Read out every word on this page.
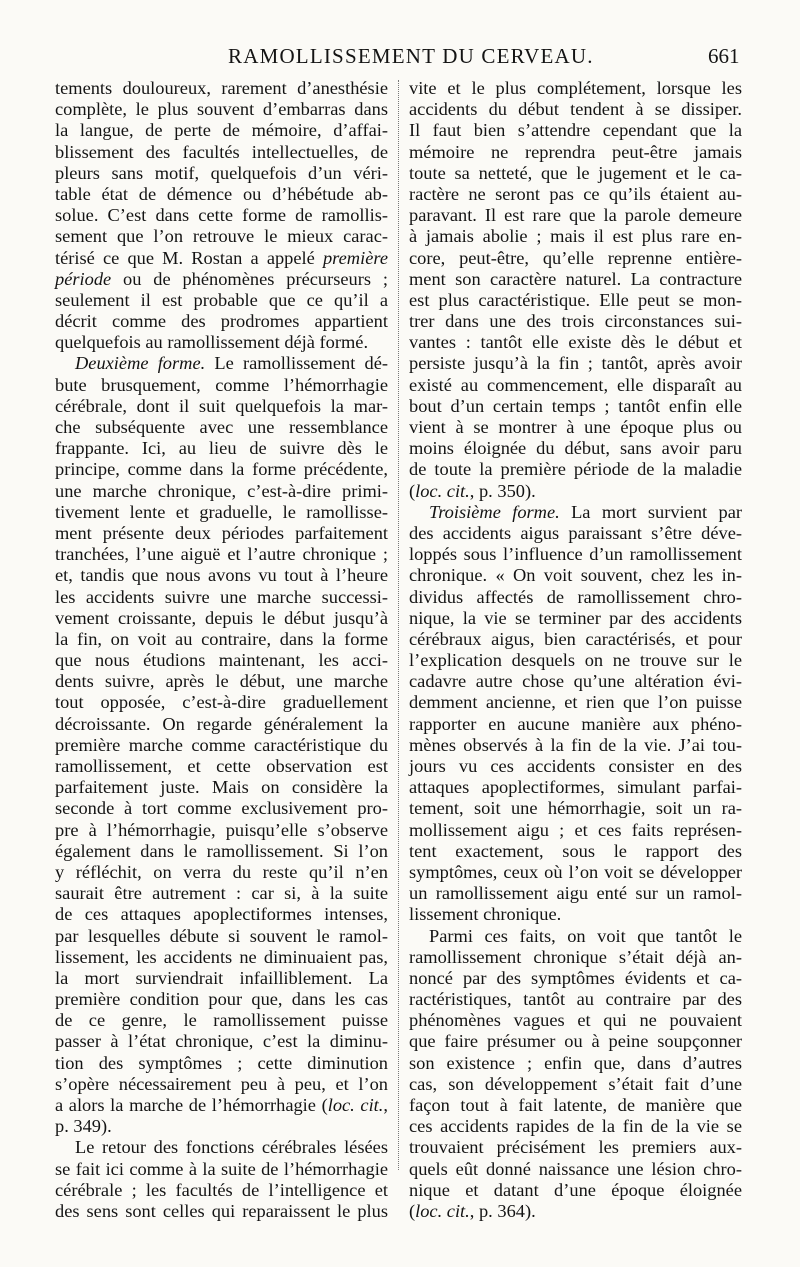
RAMOLLISSEMENT DU CERVEAU.	661
tements douloureux, rarement d’anesthésie
complète, le plus souvent d’embarras dans
la langue, de perte de mémoire, d’affai-
blissement des facultés intellectuelles, de
pleurs sans motif, quelquefois d’un véri-
table état de démence ou d’hébétude ab-
solue. C’est dans cette forme de ramollis-
sement que l’on retrouve le mieux carac-
térisé ce que M. Rostan a appelé première
période ou de phénomènes précurseurs ;
seulement il est probable que ce qu’il a
décrit comme des prodromes appartient
quelquefois au ramollissement déjà formé.
Deuxième forme. Le ramollissement dé-
bute brusquement, comme l’hémorrhagie
cérébrale, dont il suit quelquefois la mar-
che subséquente avec une ressemblance
frappante. Ici, au lieu de suivre dès le
principe, comme dans la forme précédente,
une marche chronique, c’est-à-dire primi-
tivement lente et graduelle, le ramollisse-
ment présente deux périodes parfaitement
tranchées, l’une aiguë et l’autre chronique ;
et, tandis que nous avons vu tout à l’heure
les accidents suivre une marche successi-
vement croissante, depuis le début jusqu’à
la fin, on voit au contraire, dans la forme
que nous étudions maintenant, les acci-
dents suivre, après le début, une marche
tout opposée, c’est-à-dire graduellement
décroissante. On regarde généralement la
première marche comme caractéristique du
ramollissement, et cette observation est
parfaitement juste. Mais on considère la
seconde à tort comme exclusivement pro-
pre à l’hémorrhagie, puisqu’elle s’observe
également dans le ramollissement. Si l’on
y réfléchit, on verra du reste qu’il n’en
saurait être autrement : car si, à la suite
de ces attaques apoplectiformes intenses,
par lesquelles débute si souvent le ramol-
lissement, les accidents ne diminuaient pas,
la mort surviendrait infailliblement. La
première condition pour que, dans les cas
de ce genre, le ramollissement puisse
passer à l’état chronique, c’est la diminu-
tion des symptômes ; cette diminution
s’opère nécessairement peu à peu, et l’on
a alors la marche de l’hémorrhagie (loc. cit.,
p. 349).
Le retour des fonctions cérébrales lésées
se fait ici comme à la suite de l’hémorrhagie
cérébrale ; les facultés de l’intelligence et
des sens sont celles qui reparaissent le plus
vite et le plus complétement, lorsque les
accidents du début tendent à se dissiper.
Il faut bien s’attendre cependant que la
mémoire ne reprendra peut-être jamais
toute sa netteté, que le jugement et le ca-
ractère ne seront pas ce qu’ils étaient au-
paravant. Il est rare que la parole demeure
à jamais abolie ; mais il est plus rare en-
core, peut-être, qu’elle reprenne entière-
ment son caractère naturel. La contracture
est plus caractéristique. Elle peut se mon-
trer dans une des trois circonstances sui-
vantes : tantôt elle existe dès le début et
persiste jusqu’à la fin ; tantôt, après avoir
existé au commencement, elle disparaît au
bout d’un certain temps ; tantôt enfin elle
vient à se montrer à une époque plus ou
moins éloignée du début, sans avoir paru
de toute la première période de la maladie
(loc. cit., p. 350).
Troisième forme. La mort survient par
des accidents aigus paraissant s’être déve-
loppés sous l’influence d’un ramollissement
chronique. « On voit souvent, chez les in-
dividus affectés de ramollissement chro-
nique, la vie se terminer par des accidents
cérébraux aigus, bien caractérisés, et pour
l’explication desquels on ne trouve sur le
cadavre autre chose qu’une altération évi-
demment ancienne, et rien que l’on puisse
rapporter en aucune manière aux phéno-
mènes observés à la fin de la vie. J’ai tou-
jours vu ces accidents consister en des
attaques apoplectiformes, simulant parfai-
tement, soit une hémorrhagie, soit un ra-
mollissement aigu ; et ces faits représen-
tent exactement, sous le rapport des
symptômes, ceux où l’on voit se développer
un ramollissement aigu enté sur un ramol-
lissement chronique.
Parmi ces faits, on voit que tantôt le
ramollissement chronique s’était déjà an-
noncé par des symptômes évidents et ca-
ractéristiques, tantôt au contraire par des
phénomènes vagues et qui ne pouvaient
que faire présumer ou à peine soupçonner
son existence ; enfin que, dans d’autres
cas, son développement s’était fait d’une
façon tout à fait latente, de manière que
ces accidents rapides de la fin de la vie se
trouvaient précisément les premiers aux-
quels eût donné naissance une lésion chro-
nique et datant d’une époque éloignée
(loc. cit., p. 364).
